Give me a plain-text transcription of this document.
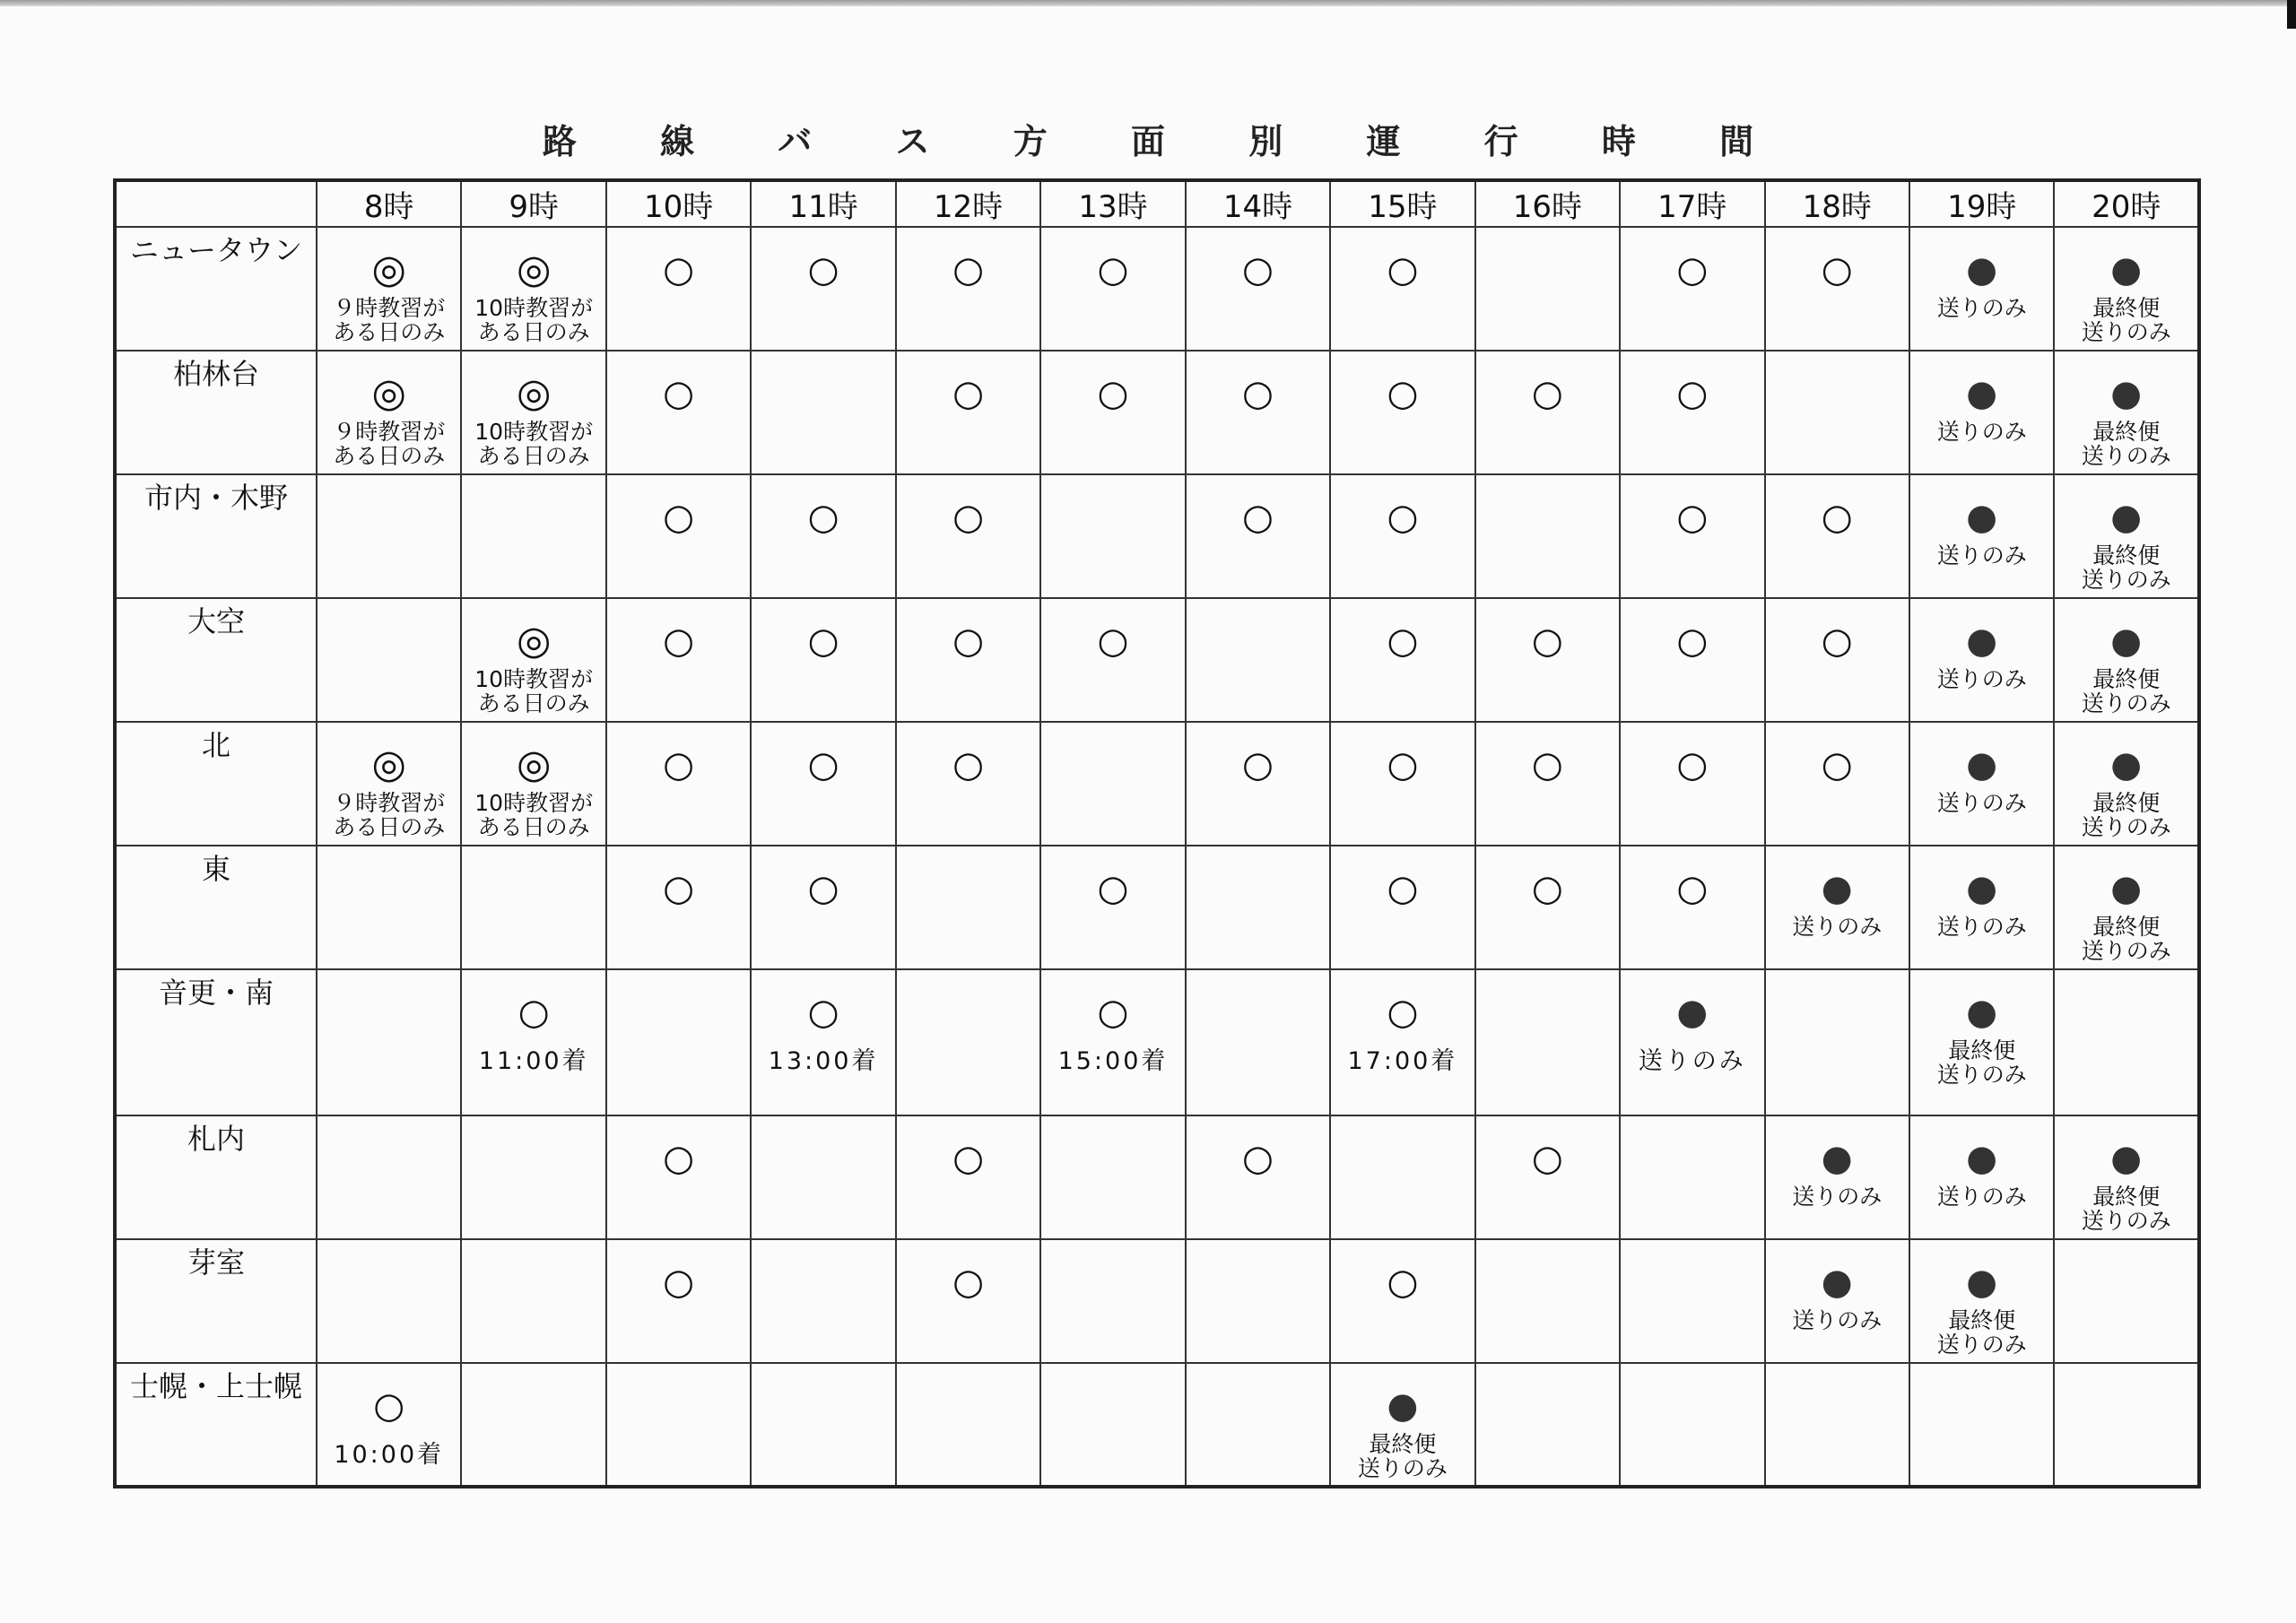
路 線 バ ス 方 面 別 運 行 時 間
	8時	9時	10時	11時	12時	13時	14時	15時	16時	17時	18時	19時	20時
ニュータウン	◎
９時教習が
ある日のみ	◎
10時教習が
ある日のみ	○	○	○	○	○	○		○	○	●
送りのみ	●
最終便
送りのみ

柏林台	◎
９時教習が
ある日のみ	◎
10時教習が
ある日のみ	○		○	○	○	○	○	○		●
送りのみ	●
最終便
送りのみ

市内・木野			○	○	○		○	○		○	○	●
送りのみ	●
最終便
送りのみ

大空		◎
10時教習が
ある日のみ	○	○	○	○		○	○	○	○	●
送りのみ	●
最終便
送りのみ

北	◎
９時教習が
ある日のみ	◎
10時教習が
ある日のみ	○	○	○		○	○	○	○	○	●
送りのみ	●
最終便
送りのみ

東			○	○		○		○	○	○	●
送りのみ	●
送りのみ	●
最終便
送りのみ

音更・南		○
11:00着		○
13:00着		○
15:00着		○
17:00着		●
送りのみ		●
最終便
送りのみ	

札内			○		○		○		○		●
送りのみ	●
送りのみ	●
最終便
送りのみ

芽室			○		○			○			●
送りのみ	●
最終便
送りのみ	

士幌・上士幌	○
10:00着							●
最終便
送りのみ					
